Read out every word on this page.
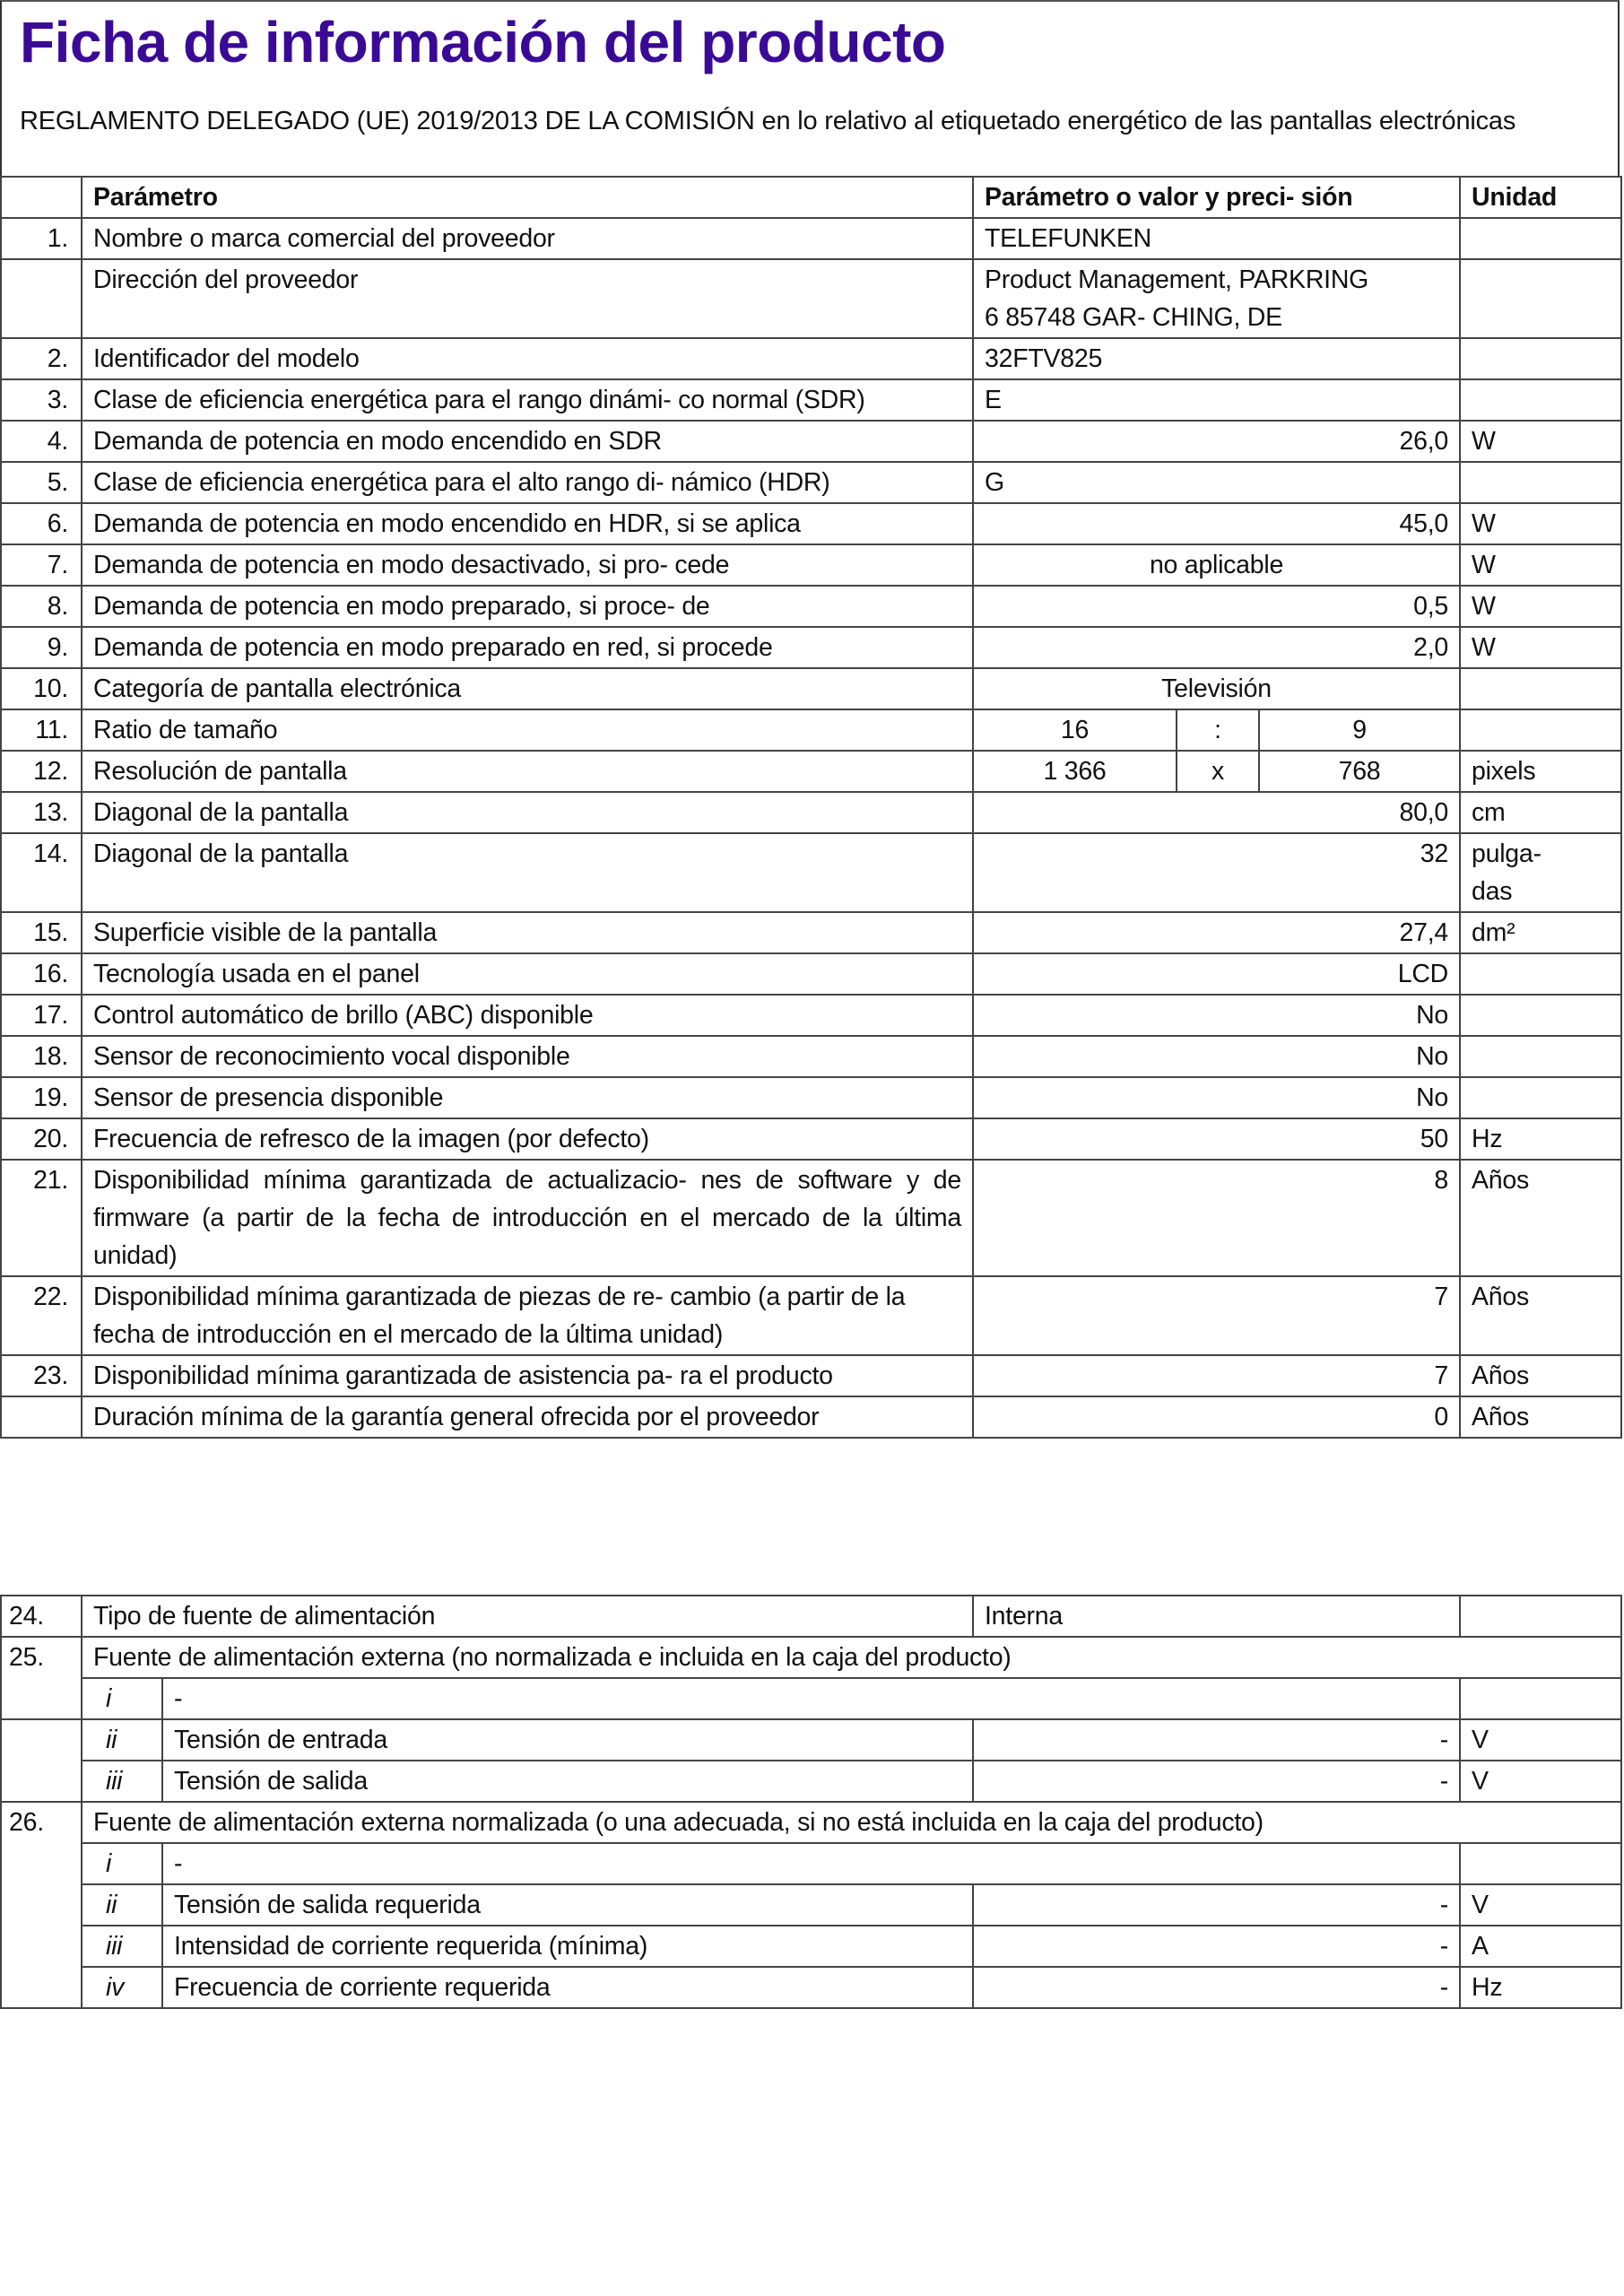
Ficha de información del producto
REGLAMENTO DELEGADO (UE) 2019/2013 DE LA COMISIÓN en lo relativo al etiquetado energético de las pantallas electrónicas
	Parámetro	Parámetro o valor y preci- sión			Unidad
1.	Nombre o marca comercial del proveedor	TELEFUNKEN			
	Dirección del proveedor	Product Management, PARKRING
6 85748 GAR- CHING, DE			
2.	Identificador del modelo	32FTV825			
3.	Clase de eficiencia energética para el rango dinámi- co normal (SDR)	E			
4.	Demanda de potencia en modo encendido en SDR	26,0			W
5.	Clase de eficiencia energética para el alto rango di- námico (HDR)	G			
6.	Demanda de potencia en modo encendido en HDR, si se aplica	45,0			W
7.	Demanda de potencia en modo desactivado, si pro- cede	no aplicable			W
8.	Demanda de potencia en modo preparado, si proce- de	0,5			W
9.	Demanda de potencia en modo preparado en red, si procede	2,0			W
10.	Categoría de pantalla electrónica	Televisión			
11.	Ratio de tamaño	16	:	9	
12.	Resolución de pantalla	1 366	x	768	pixels
13.	Diagonal de la pantalla	80,0			cm
14.	Diagonal de la pantalla	32			pulga-
das
15.	Superficie visible de la pantalla	27,4			dm²
16.	Tecnología usada en el panel	LCD			
17.	Control automático de brillo (ABC) disponible	No			
18.	Sensor de reconocimiento vocal disponible	No			
19.	Sensor de presencia disponible	No			
20.	Frecuencia de refresco de la imagen (por defecto)	50			Hz
21.	Disponibilidad mínima garantizada de actualizacio- nes de software y de firmware (a partir de la fecha de introducción en el mercado de la última unidad)	8			Años
22.	Disponibilidad mínima garantizada de piezas de re- cambio (a partir de la fecha de introducción en el mercado de la última unidad)	7			Años
23.	Disponibilidad mínima garantizada de asistencia pa- ra el producto	7			Años
	Duración mínima de la garantía general ofrecida por el proveedor	0			Años
24.	Tipo de fuente de alimentación		Interna	
25.	Fuente de alimentación externa (no normalizada e incluida en la caja del producto)			
	i	-		
	ii	Tensión de entrada	-	V
	iii	Tensión de salida	-	V
26.	Fuente de alimentación externa normalizada (o una adecuada, si no está incluida en la caja del producto)			
	i	-		
	ii	Tensión de salida requerida	-	V
	iii	Intensidad de corriente requerida (mínima)	-	A
	iv	Frecuencia de corriente requerida	-	Hz
